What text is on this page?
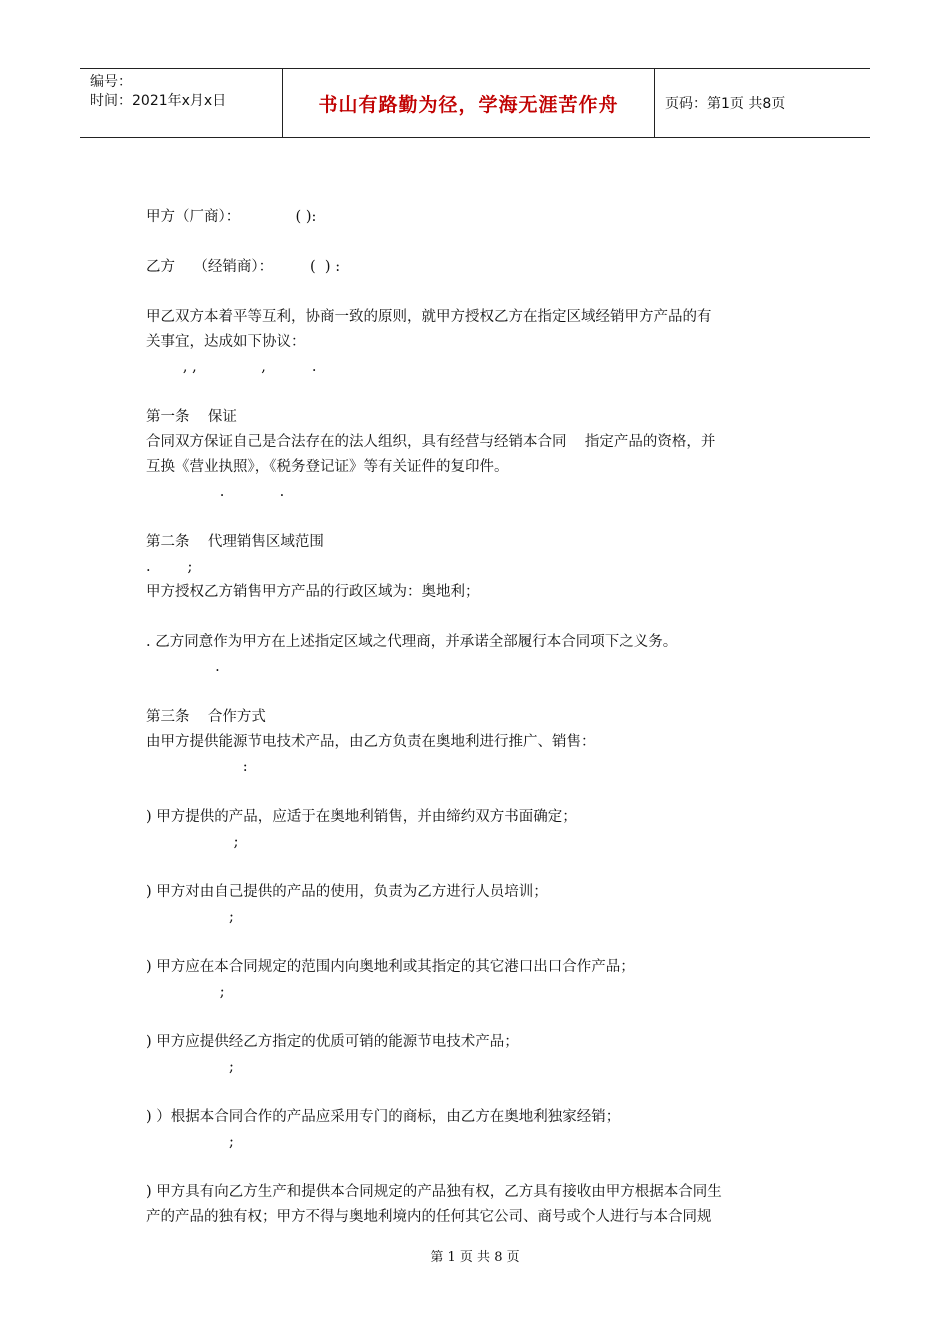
编号：
时间：2021年x月x日	书山有路勤为径，学海无涯苦作舟	页码：第1页 共8页

甲方（厂商）：            ( ):

乙方    （经销商）：        (  ) :

甲乙双方本着平等互利，协商一致的原则，就甲方授权乙方在指定区域经销甲方产品的有

关事宜，达成如下协议：

, ,              ,          .

第一条    保证

合同双方保证自己是合法存在的法人组织，具有经营与经销本合同    指定产品的资格，并

互换《营业执照》，《税务登记证》等有关证件的复印件。

.            .

第二条    代理销售区域范围

.        ;

甲方授权乙方销售甲方产品的行政区域为：奥地利；

. 乙方同意作为甲方在上述指定区域之代理商，并承诺全部履行本合同项下之义务。

.

第三条    合作方式

由甲方提供能源节电技术产品，由乙方负责在奥地利进行推广、销售：

:

) 甲方提供的产品，应适于在奥地利销售，并由缔约双方书面确定；

;

) 甲方对由自己提供的产品的使用，负责为乙方进行人员培训；

;

) 甲方应在本合同规定的范围内向奥地利或其指定的其它港口出口合作产品；

;

) 甲方应提供经乙方指定的优质可销的能源节电技术产品；

;

) ）根据本合同合作的产品应采用专门的商标，由乙方在奥地利独家经销；

;

) 甲方具有向乙方生产和提供本合同规定的产品独有权，乙方具有接收由甲方根据本合同生

产的产品的独有权；甲方不得与奥地利境内的任何其它公司、商号或个人进行与本合同规

第 1 页 共 8 页
